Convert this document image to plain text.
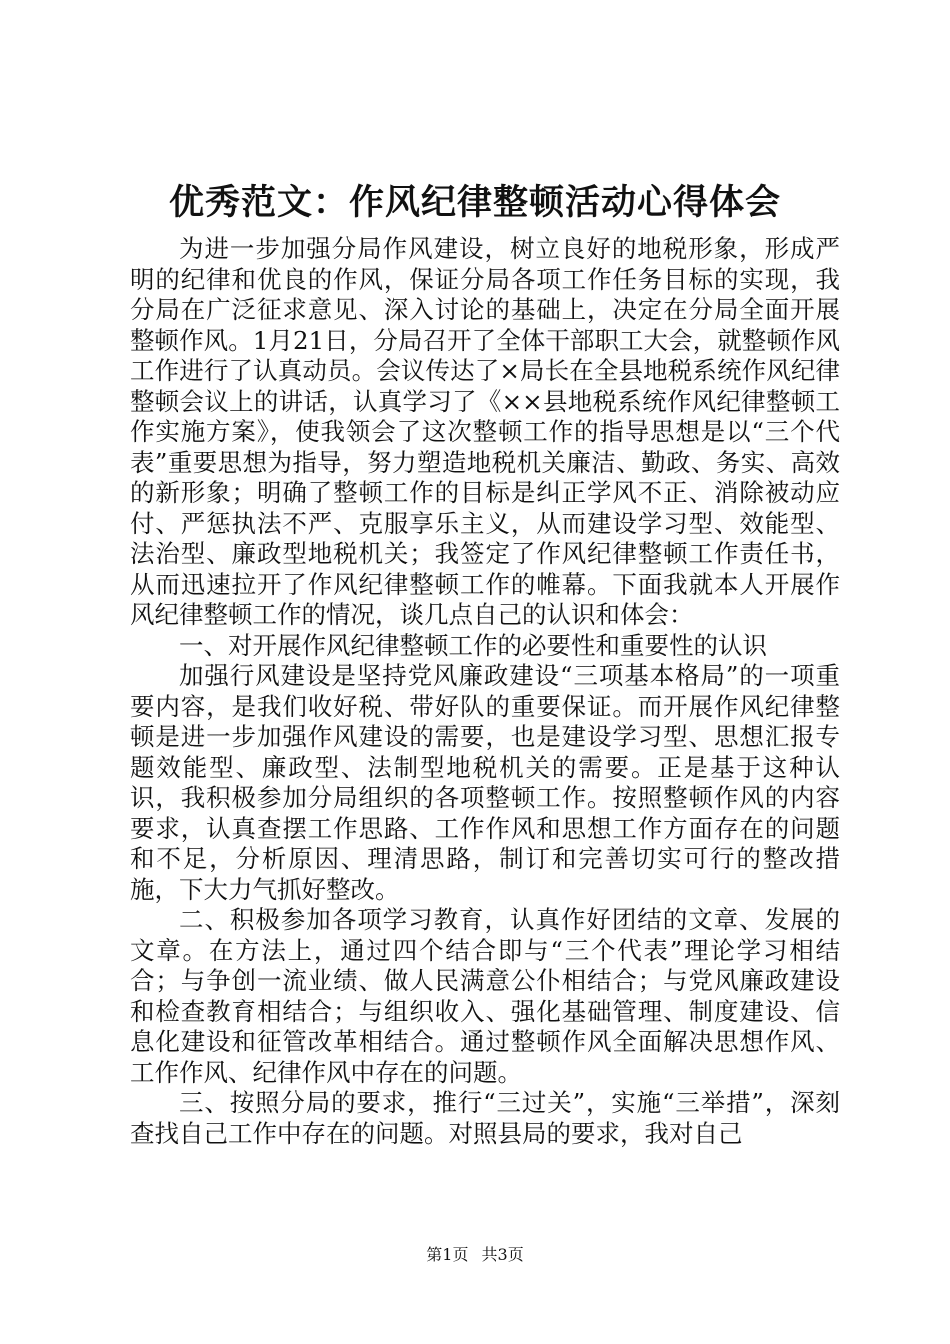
优秀范文：作风纪律整顿活动心得体会

为进一步加强分局作风建设，树立良好的地税形象，形成严明的纪律和优良的作风，保证分局各项工作任务目标的实现，我分局在广泛征求意见、深入讨论的基础上，决定在分局全面开展整顿作风。1月21日，分局召开了全体干部职工大会，就整顿作风工作进行了认真动员。会议传达了×局长在全县地税系统作风纪律整顿会议上的讲话，认真学习了《××县地税系统作风纪律整顿工作实施方案》，使我领会了这次整顿工作的指导思想是以“三个代表”重要思想为指导，努力塑造地税机关廉洁、勤政、务实、高效的新形象；明确了整顿工作的目标是纠正学风不正、消除被动应付、严惩执法不严、克服享乐主义，从而建设学习型、效能型、法治型、廉政型地税机关；我签定了作风纪律整顿工作责任书，从而迅速拉开了作风纪律整顿工作的帷幕。下面我就本人开展作风纪律整顿工作的情况，谈几点自己的认识和体会：

一、对开展作风纪律整顿工作的必要性和重要性的认识

加强行风建设是坚持党风廉政建设“三项基本格局”的一项重要内容，是我们收好税、带好队的重要保证。而开展作风纪律整顿是进一步加强作风建设的需要，也是建设学习型、思想汇报专题效能型、廉政型、法制型地税机关的需要。正是基于这种认识，我积极参加分局组织的各项整顿工作。按照整顿作风的内容要求，认真查摆工作思路、工作作风和思想工作方面存在的问题和不足，分析原因、理清思路，制订和完善切实可行的整改措施，下大力气抓好整改。

二、积极参加各项学习教育，认真作好团结的文章、发展的文章。在方法上，通过四个结合即与“三个代表”理论学习相结合；与争创一流业绩、做人民满意公仆相结合；与党风廉政建设和检查教育相结合；与组织收入、强化基础管理、制度建设、信息化建设和征管改革相结合。通过整顿作风全面解决思想作风、工作作风、纪律作风中存在的问题。

三、按照分局的要求，推行“三过关”，实施“三举措”，深刻查找自己工作中存在的问题。对照县局的要求，我对自己

第1页 共3页
